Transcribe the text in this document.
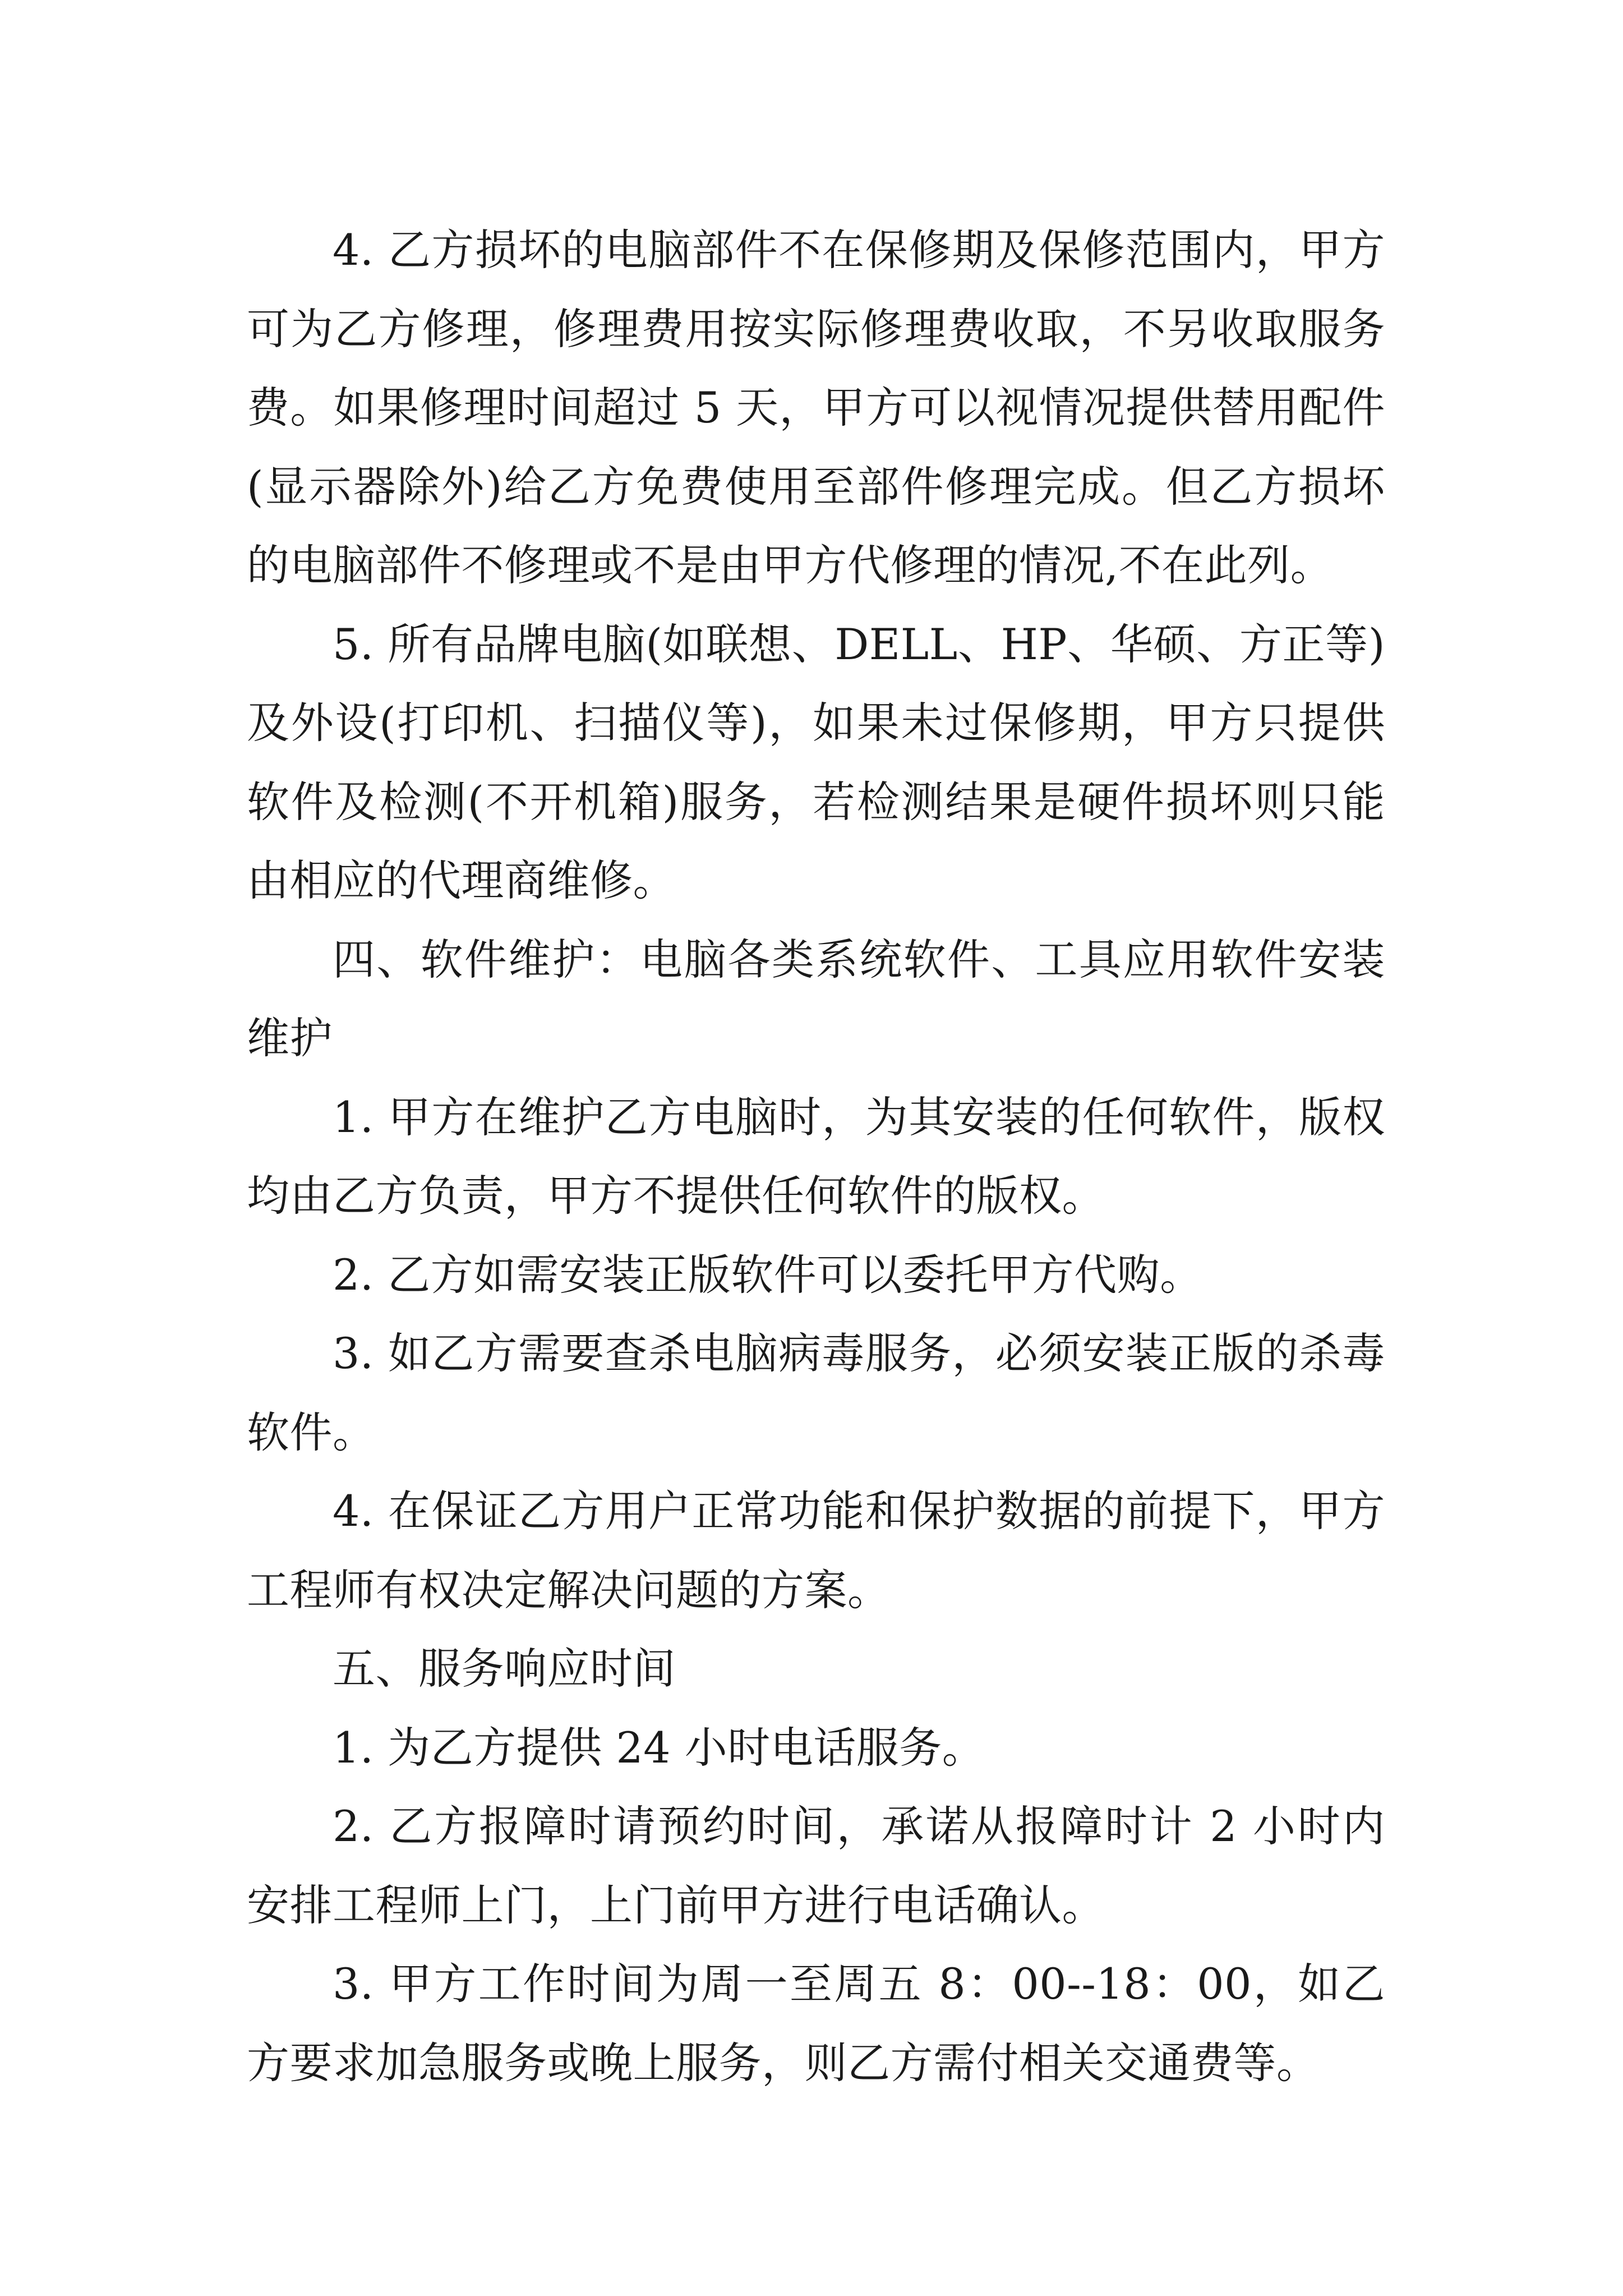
4. 乙方损坏的电脑部件不在保修期及保修范围内，甲方可为乙方修理，修理费用按实际修理费收取，不另收取服务费。如果修理时间超过 5 天，甲方可以视情况提供替用配件(显示器除外)给乙方免费使用至部件修理完成。但乙方损坏的电脑部件不修理或不是由甲方代修理的情况,不在此列。

5. 所有品牌电脑(如联想、DELL、HP、华硕、方正等)及外设(打印机、扫描仪等)，如果未过保修期，甲方只提供软件及检测(不开机箱)服务，若检测结果是硬件损坏则只能由相应的代理商维修。

四、软件维护：电脑各类系统软件、工具应用软件安装维护

1. 甲方在维护乙方电脑时，为其安装的任何软件，版权均由乙方负责，甲方不提供任何软件的版权。

2. 乙方如需安装正版软件可以委托甲方代购。

3. 如乙方需要查杀电脑病毒服务，必须安装正版的杀毒软件。

4. 在保证乙方用户正常功能和保护数据的前提下，甲方工程师有权决定解决问题的方案。

五、服务响应时间

1. 为乙方提供 24 小时电话服务。

2. 乙方报障时请预约时间，承诺从报障时计 2 小时内安排工程师上门，上门前甲方进行电话确认。

3. 甲方工作时间为周一至周五 8：00--18：00，如乙方要求加急服务或晚上服务，则乙方需付相关交通费等。
